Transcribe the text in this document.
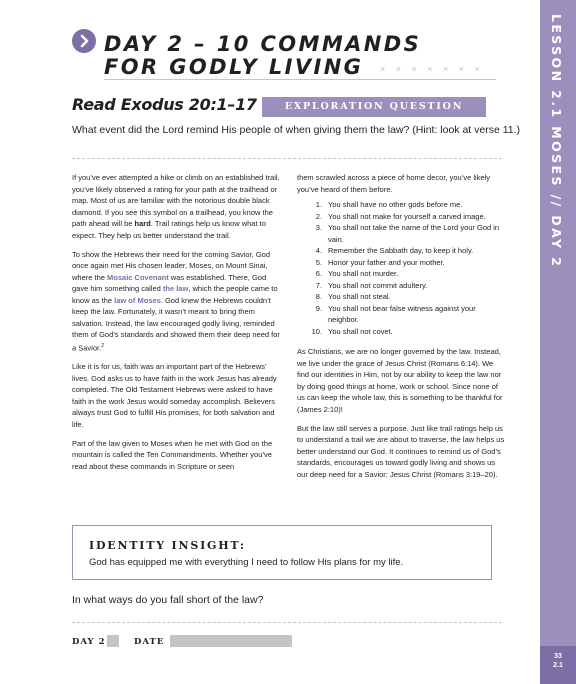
LESSON 2.1 MOSES // DAY 2
33
2.1
DAY 2 – 10 COMMANDS
FOR GODLY LIVING	× × × × × × ×
Read Exodus 20:1–17	EXPLORATION QUESTION
What event did the Lord remind His people of when giving them the law? (Hint: look at verse 11.)

If you’ve ever attempted a hike or climb on an established trail, you’ve likely observed a rating for your path at the trailhead or map. Most of us are familiar with the notorious double black diamond. If you see this symbol on a trailhead, you know the path ahead will be hard. Trail ratings help us know what to expect. They help us better understand the trail.

To show the Hebrews their need for the coming Savior, God once again met His chosen leader, Moses, on Mount Sinai, where the Mosaic Covenant was established. There, God gave him something called the law, which the people came to know as the law of Moses. God knew the Hebrews couldn’t keep the law. Fortunately, it wasn’t meant to bring them salvation. Instead, the law encouraged godly living, reminded them of God’s standards and showed them their deep need for a Savior.$^2$

Like it is for us, faith was an important part of the Hebrews’ lives. God asks us to have faith in the work Jesus has already completed. The Old Testament Hebrews were asked to have faith in the work Jesus would someday accomplish. Believers always trust God to fulfill His promises, for both salvation and life.

Part of the law given to Moses when he met with God on the mountain is called the Ten Commandments. Whether you’ve read about these commands in Scripture or seen

them scrawled across a piece of home decor, you’ve likely you’ve heard of them before.

1. You shall have no other gods before me.
2. You shall not make for yourself a carved image.
3. You shall not take the name of the Lord your God in vain.
4. Remember the Sabbath day, to keep it holy.
5. Honor your father and your mother.
6. You shall not murder.
7. You shall not commit adultery.
8. You shall not steal.
9. You shall not bear false witness against your neighbor.
10. You shall not covet.

As Christians, we are no longer governed by the law. Instead, we live under the grace of Jesus Christ (Romans 6:14). We find our identities in Him, not by our ability to keep the law nor by doing good things at home, work or school. Since none of us can keep the whole law, this is something to be thankful for (James 2:10)!

But the law still serves a purpose. Just like trail ratings help us to understand a trail we are about to traverse, the law helps us better understand our God. It continues to remind us of God’s standards, encourages us toward godly living and shows us our deep need for a Savior: Jesus Christ (Romans 3:19–20).

IDENTITY INSIGHT:
God has equipped me with everything I need to follow His plans for my life.
In what ways do you fall short of the law?
DAY 2	DATE
